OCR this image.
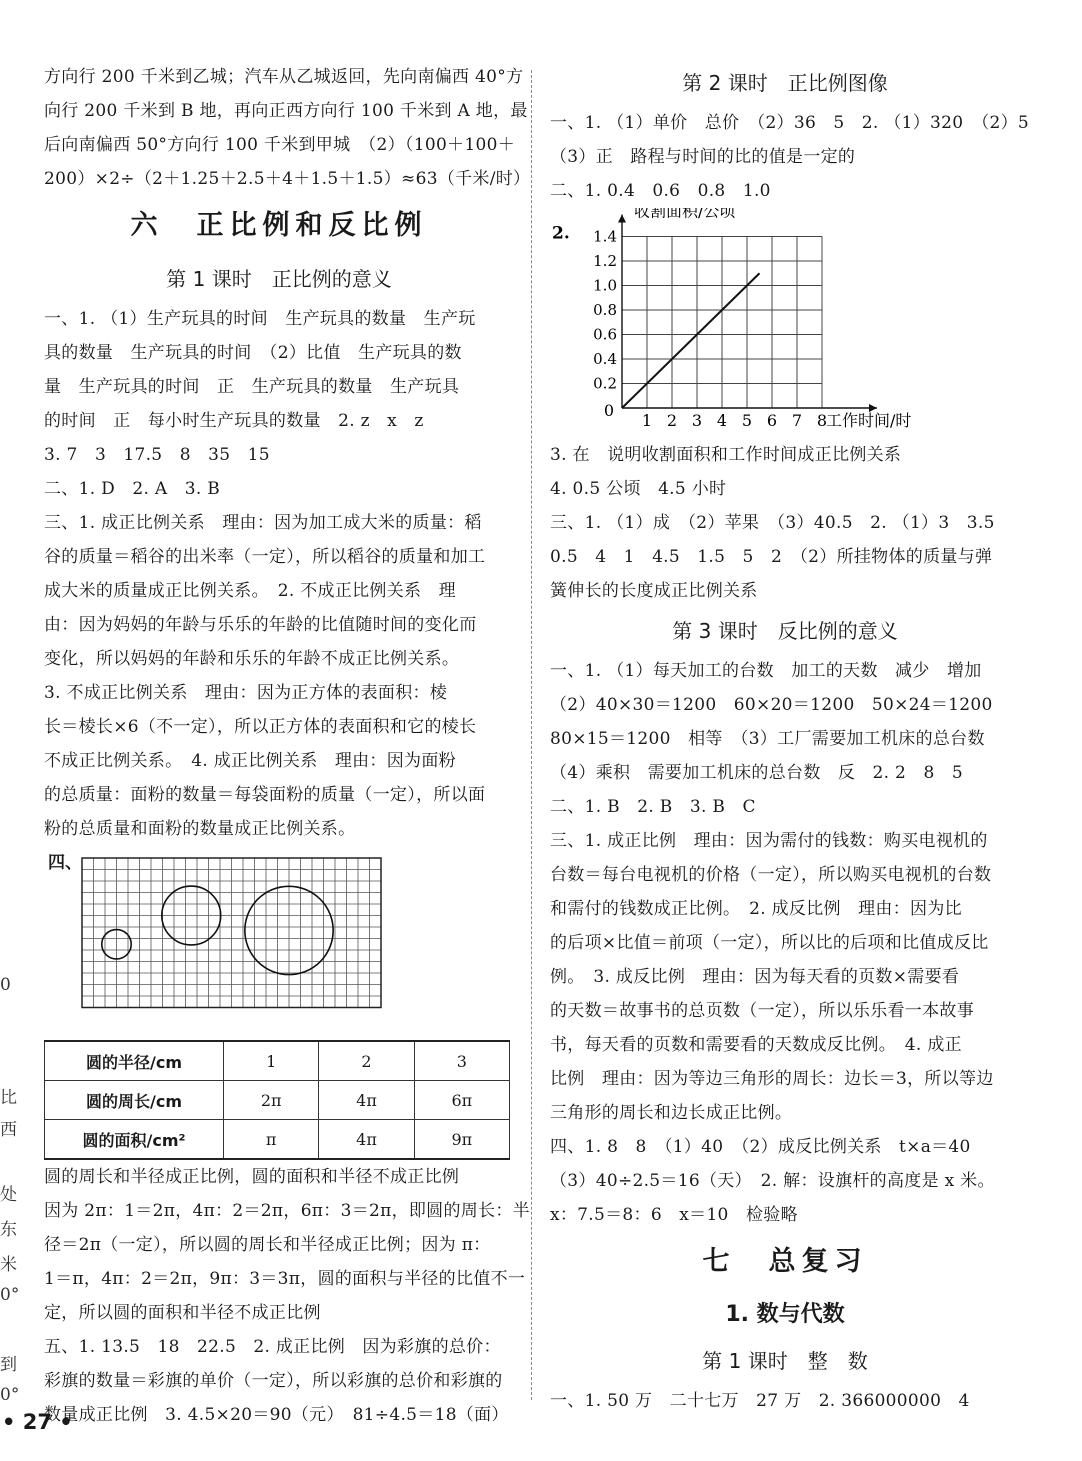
0
比
西
处
东
米
0°
到
0°

方向行 200 千米到乙城；汽车从乙城返回，先向南偏西 40°方

向行 200 千米到 B 地，再向正西方向行 100 千米到 A 地，最

后向南偏西 50°方向行 100 千米到甲城　（2）（100＋100＋

200）×2÷（2＋1.25＋2.5＋4＋1.5＋1.5）≈63（千米/时）

六　正比例和反比例
第 1 课时　正比例的意义

一、1. （1）生产玩具的时间　生产玩具的数量　生产玩

具的数量　生产玩具的时间　（2）比值　生产玩具的数

量　生产玩具的时间　正　生产玩具的数量　生产玩具

的时间　正　每小时生产玩具的数量　2. z　x　z

3. 7　3　17.5　8　35　15

二、1. D　2. A　3. B

三、1. 成正比例关系　理由：因为加工成大米的质量：稻

谷的质量＝稻谷的出米率（一定），所以稻谷的质量和加工

成大米的质量成正比例关系。　2. 不成正比例关系　理

由：因为妈妈的年龄与乐乐的年龄的比值随时间的变化而

变化，所以妈妈的年龄和乐乐的年龄不成正比例关系。

3. 不成正比例关系　理由：因为正方体的表面积：棱

长＝棱长×6（不一定），所以正方体的表面积和它的棱长

不成正比例关系。　4. 成正比例关系　理由：因为面粉

的总质量：面粉的数量＝每袋面粉的质量（一定），所以面

粉的总质量和面粉的数量成正比例关系。

四、
圆的半径/cm	1	2	3
圆的周长/cm	2π	4π	6π
圆的面积/cm²	π	4π	9π

圆的周长和半径成正比例，圆的面积和半径不成正比例

因为 2π：1＝2π，4π：2＝2π，6π：3＝2π，即圆的周长：半

径＝2π（一定），所以圆的周长和半径成正比例；因为 π：

1＝π，4π：2＝2π，9π：3＝3π，圆的面积与半径的比值不一

定，所以圆的面积和半径不成正比例

五、1. 13.5　18　22.5　2. 成正比例　因为彩旗的总价：

彩旗的数量＝彩旗的单价（一定），所以彩旗的总价和彩旗的

数量成正比例　3. 4.5×20＝90（元）　81÷4.5＝18（面）

第 2 课时　正比例图像

一、1. （1）单价　总价　（2）36　5　2. （1）320　（2）5

（3）正　路程与时间的比的值是一定的

二、1. 0.4　0.6　0.8　1.0

1 2 3 4 5 6 7 8
0.2
0.4
0.6
0.8
1.0
1.2
1.4
0
收割面积/公顷
工作时间/时
2.

3. 在　说明收割面积和工作时间成正比例关系

4. 0.5 公顷　4.5 小时

三、1. （1）成　（2）苹果　（3）40.5　2. （1）3　3.5

0.5　4　1　4.5　1.5　5　2　（2）所挂物体的质量与弹

簧伸长的长度成正比例关系

第 3 课时　反比例的意义

一、1. （1）每天加工的台数　加工的天数　减少　增加

（2）40×30＝1200　60×20＝1200　50×24＝1200

80×15＝1200　相等　（3）工厂需要加工机床的总台数

（4）乘积　需要加工机床的总台数　反　2. 2　8　5

二、1. B　2. B　3. B　C

三、1. 成正比例　理由：因为需付的钱数：购买电视机的

台数＝每台电视机的价格（一定），所以购买电视机的台数

和需付的钱数成正比例。　2. 成反比例　理由：因为比

的后项×比值＝前项（一定），所以比的后项和比值成反比

例。　3. 成反比例　理由：因为每天看的页数×需要看

的天数＝故事书的总页数（一定），所以乐乐看一本故事

书，每天看的页数和需要看的天数成反比例。　4. 成正

比例　理由：因为等边三角形的周长：边长＝3，所以等边

三角形的周长和边长成正比例。

四、1. 8　8　（1）40　（2）成反比例关系　t×a＝40

（3）40÷2.5＝16（天）　2. 解：设旗杆的高度是 x 米。

x：7.5＝8：6　x＝10　检验略

七　总复习
1. 数与代数
第 1 课时　整　数

一、1. 50 万　二十七万　27 万　2. 366000000　4

• 27 •
